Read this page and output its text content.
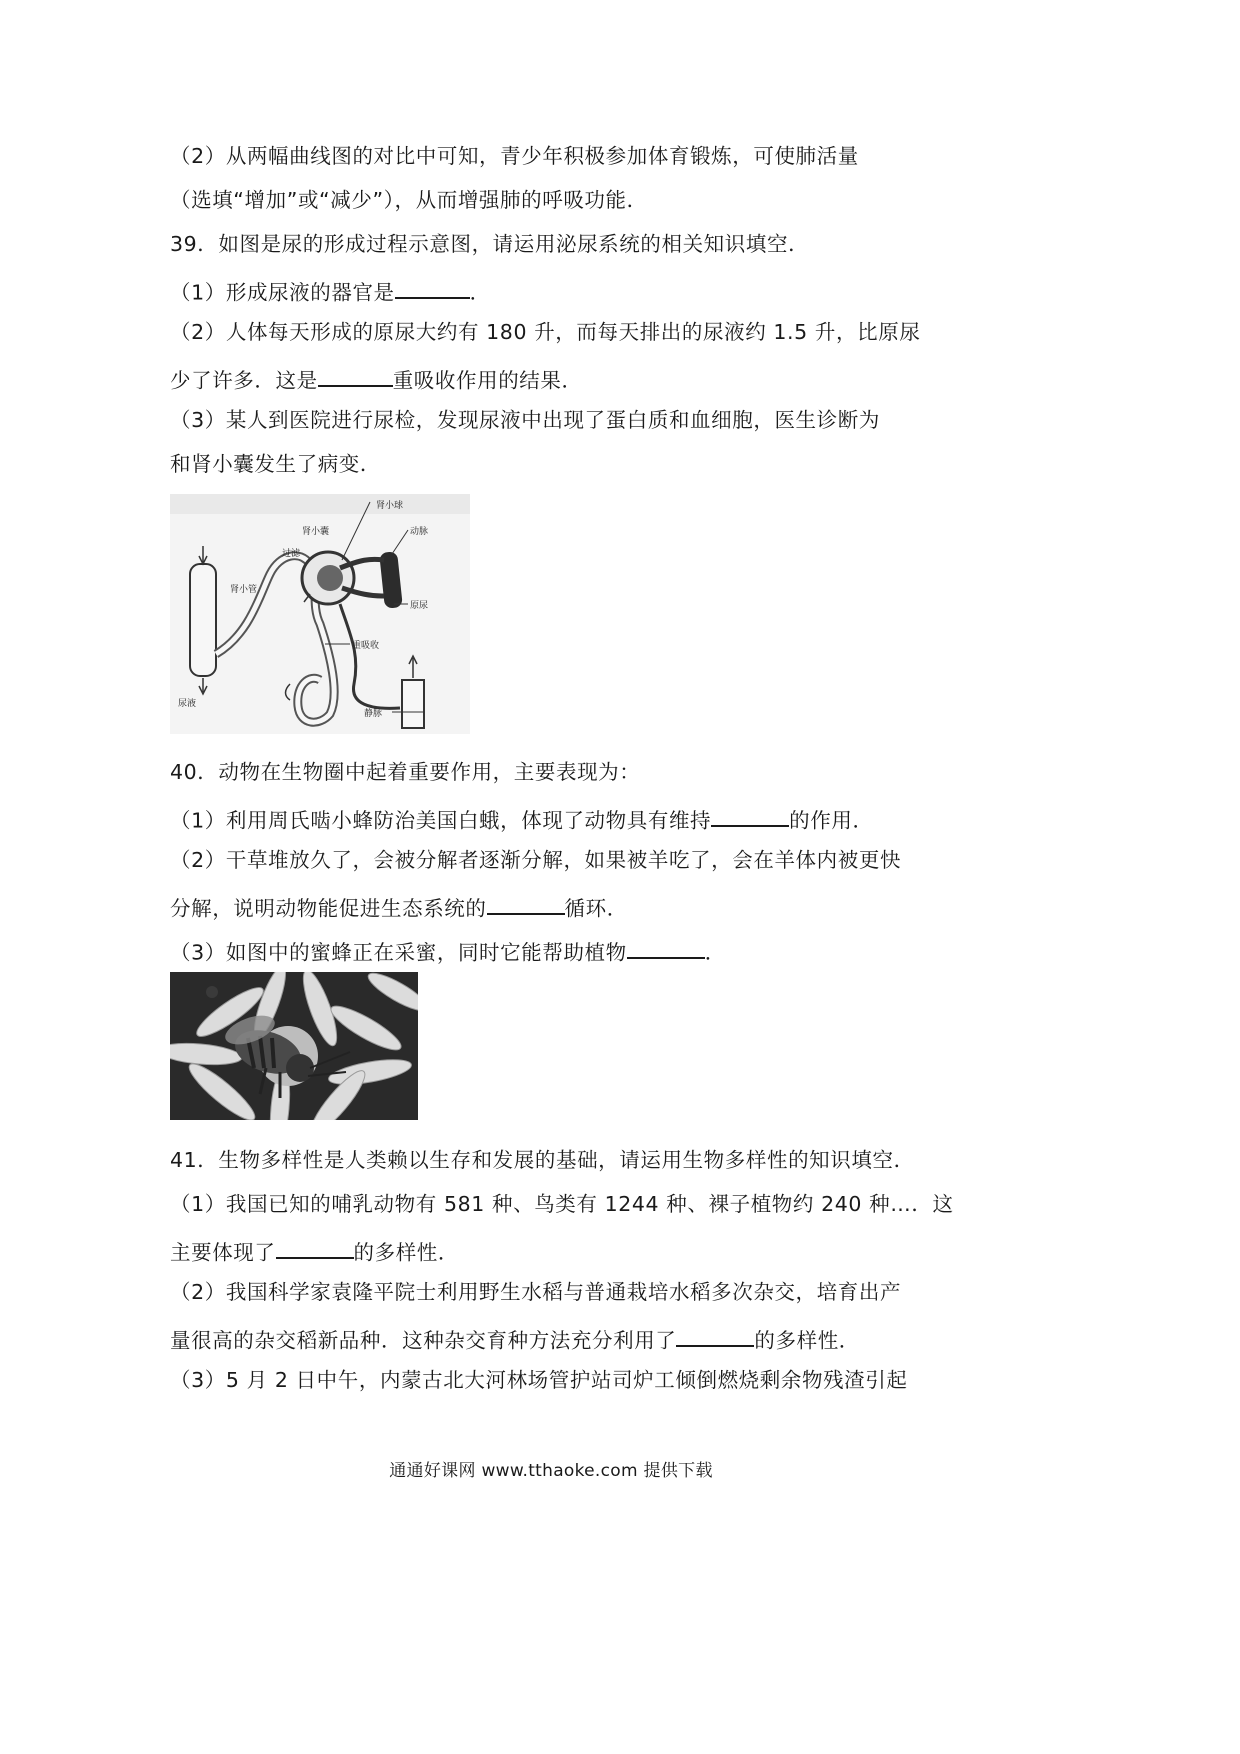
（2）从两幅曲线图的对比中可知，青少年积极参加体育锻炼，可使肺活量
（选填“增加”或“减少”），从而增强肺的呼吸功能．
39．如图是尿的形成过程示意图，请运用泌尿系统的相关知识填空．
（1）形成尿液的器官是	．
（2）人体每天形成的原尿大约有 180 升，而每天排出的尿液约 1.5 升，比原尿
少了许多．这是	重吸收作用的结果．
（3）某人到医院进行尿检，发现尿液中出现了蛋白质和血细胞，医生诊断为
和肾小囊发生了病变．
肾小球
肾小囊	动脉
过滤
原尿
肾小管
重吸收
尿液
静脉
40．动物在生物圈中起着重要作用，主要表现为：
（1）利用周氏啮小蜂防治美国白蛾，体现了动物具有维持	的作用．
（2）干草堆放久了，会被分解者逐渐分解，如果被羊吃了，会在羊体内被更快
分解，说明动物能促进生态系统的	循环．
（3）如图中的蜜蜂正在采蜜，同时它能帮助植物	．
41．生物多样性是人类赖以生存和发展的基础，请运用生物多样性的知识填空．
（1）我国已知的哺乳动物有 581 种、鸟类有 1244 种、裸子植物约 240 种…．这
主要体现了	的多样性．
（2）我国科学家袁隆平院士利用野生水稻与普通栽培水稻多次杂交，培育出产
量很高的杂交稻新品种．这种杂交育种方法充分利用了	的多样性．
（3）5 月 2 日中午，内蒙古北大河林场管护站司炉工倾倒燃烧剩余物残渣引起
通通好课网 www.tthaoke.com 提供下载
